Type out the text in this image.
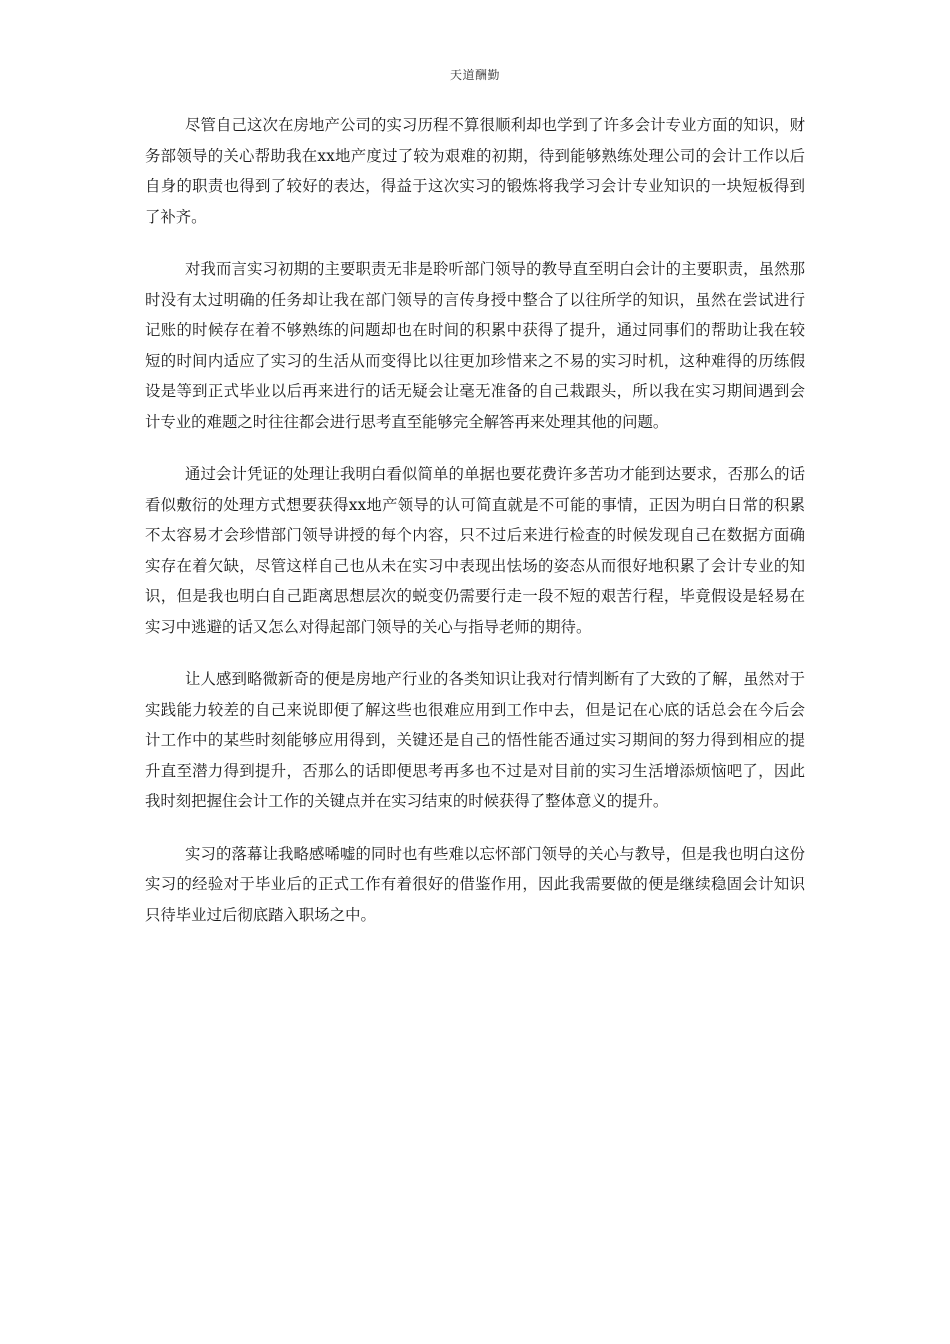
天道酬勤

尽管自己这次在房地产公司的实习历程不算很顺利却也学到了许多会计专业方面的知识，财务部领导的关心帮助我在xx地产度过了较为艰难的初期，待到能够熟练处理公司的会计工作以后自身的职责也得到了较好的表达，得益于这次实习的锻炼将我学习会计专业知识的一块短板得到了补齐。

对我而言实习初期的主要职责无非是聆听部门领导的教导直至明白会计的主要职责，虽然那时没有太过明确的任务却让我在部门领导的言传身授中整合了以往所学的知识，虽然在尝试进行记账的时候存在着不够熟练的问题却也在时间的积累中获得了提升，通过同事们的帮助让我在较短的时间内适应了实习的生活从而变得比以往更加珍惜来之不易的实习时机，这种难得的历练假设是等到正式毕业以后再来进行的话无疑会让毫无准备的自己栽跟头，所以我在实习期间遇到会计专业的难题之时往往都会进行思考直至能够完全解答再来处理其他的问题。

通过会计凭证的处理让我明白看似简单的单据也要花费许多苦功才能到达要求，否那么的话看似敷衍的处理方式想要获得xx地产领导的认可简直就是不可能的事情，正因为明白日常的积累不太容易才会珍惜部门领导讲授的每个内容，只不过后来进行检查的时候发现自己在数据方面确实存在着欠缺，尽管这样自己也从未在实习中表现出怯场的姿态从而很好地积累了会计专业的知识，但是我也明白自己距离思想层次的蜕变仍需要行走一段不短的艰苦行程，毕竟假设是轻易在实习中逃避的话又怎么对得起部门领导的关心与指导老师的期待。

让人感到略微新奇的便是房地产行业的各类知识让我对行情判断有了大致的了解，虽然对于实践能力较差的自己来说即便了解这些也很难应用到工作中去，但是记在心底的话总会在今后会计工作中的某些时刻能够应用得到，关键还是自己的悟性能否通过实习期间的努力得到相应的提升直至潜力得到提升，否那么的话即便思考再多也不过是对目前的实习生活增添烦恼吧了，因此我时刻把握住会计工作的关键点并在实习结束的时候获得了整体意义的提升。

实习的落幕让我略感唏嘘的同时也有些难以忘怀部门领导的关心与教导，但是我也明白这份实习的经验对于毕业后的正式工作有着很好的借鉴作用，因此我需要做的便是继续稳固会计知识只待毕业过后彻底踏入职场之中。
